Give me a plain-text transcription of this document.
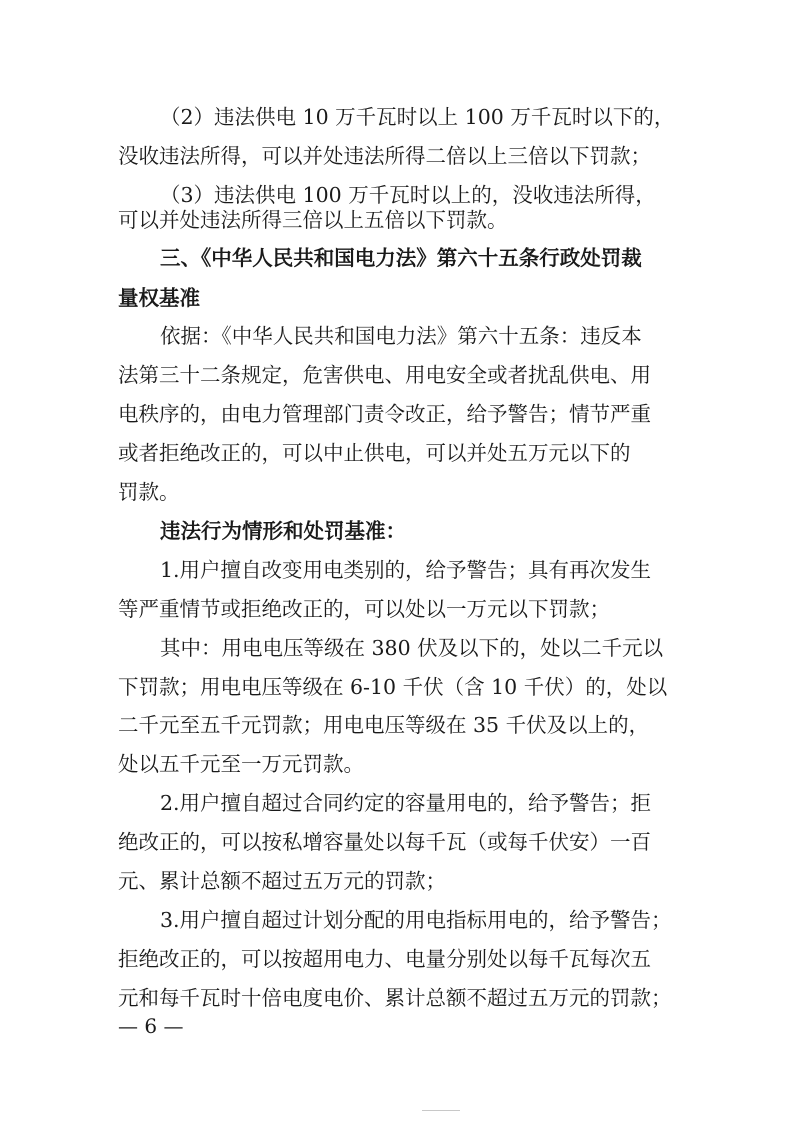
（2）违法供电 10 万千瓦时以上 100 万千瓦时以下的，
没收违法所得，可以并处违法所得二倍以上三倍以下罚款；
（3）违法供电 100 万千瓦时以上的，没收违法所得，
可以并处违法所得三倍以上五倍以下罚款。
三、《中华人民共和国电力法》第六十五条行政处罚裁
量权基准
依据：《中华人民共和国电力法》第六十五条：违反本
法第三十二条规定，危害供电、用电安全或者扰乱供电、用
电秩序的，由电力管理部门责令改正，给予警告；情节严重
或者拒绝改正的，可以中止供电，可以并处五万元以下的
罚款。
违法行为情形和处罚基准：
1.用户擅自改变用电类别的，给予警告；具有再次发生
等严重情节或拒绝改正的，可以处以一万元以下罚款；
其中：用电电压等级在 380 伏及以下的，处以二千元以
下罚款；用电电压等级在 6-10 千伏（含 10 千伏）的，处以
二千元至五千元罚款；用电电压等级在 35 千伏及以上的，
处以五千元至一万元罚款。
2.用户擅自超过合同约定的容量用电的，给予警告；拒
绝改正的，可以按私增容量处以每千瓦（或每千伏安）一百
元、累计总额不超过五万元的罚款；
3.用户擅自超过计划分配的用电指标用电的，给予警告；
拒绝改正的，可以按超用电力、电量分别处以每千瓦每次五
元和每千瓦时十倍电度电价、累计总额不超过五万元的罚款；
— 6 —
